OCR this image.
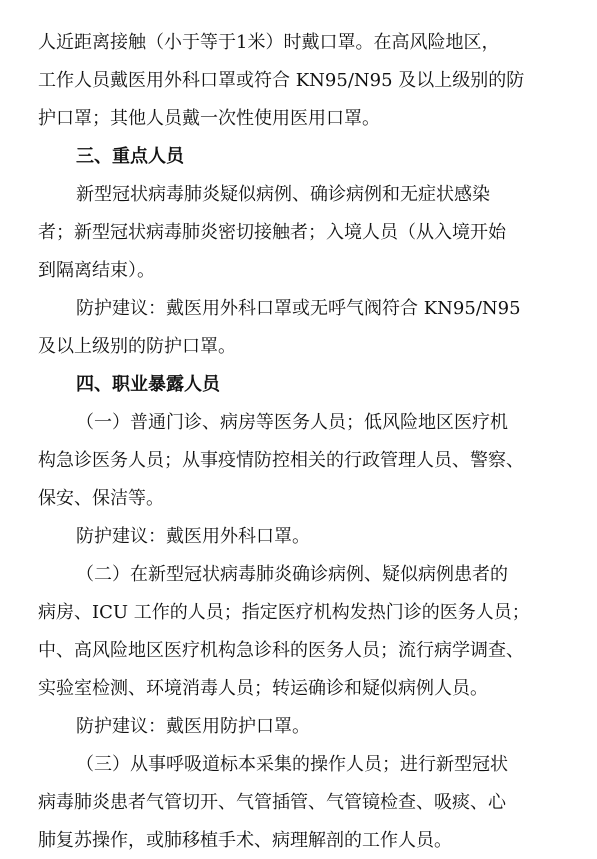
人近距离接触（小于等于1米）时戴口罩。在高风险地区，
工作人员戴医用外科口罩或符合 KN95/N95 及以上级别的防
护口罩；其他人员戴一次性使用医用口罩。
三、重点人员
新型冠状病毒肺炎疑似病例、确诊病例和无症状感染
者；新型冠状病毒肺炎密切接触者；入境人员（从入境开始
到隔离结束）。
防护建议：戴医用外科口罩或无呼气阀符合 KN95/N95
及以上级别的防护口罩。
四、职业暴露人员
（一）普通门诊、病房等医务人员；低风险地区医疗机
构急诊医务人员；从事疫情防控相关的行政管理人员、警察、
保安、保洁等。
防护建议：戴医用外科口罩。
（二）在新型冠状病毒肺炎确诊病例、疑似病例患者的
病房、ICU 工作的人员；指定医疗机构发热门诊的医务人员；
中、高风险地区医疗机构急诊科的医务人员；流行病学调查、
实验室检测、环境消毒人员；转运确诊和疑似病例人员。
防护建议：戴医用防护口罩。
（三）从事呼吸道标本采集的操作人员；进行新型冠状
病毒肺炎患者气管切开、气管插管、气管镜检查、吸痰、心
肺复苏操作，或肺移植手术、病理解剖的工作人员。
